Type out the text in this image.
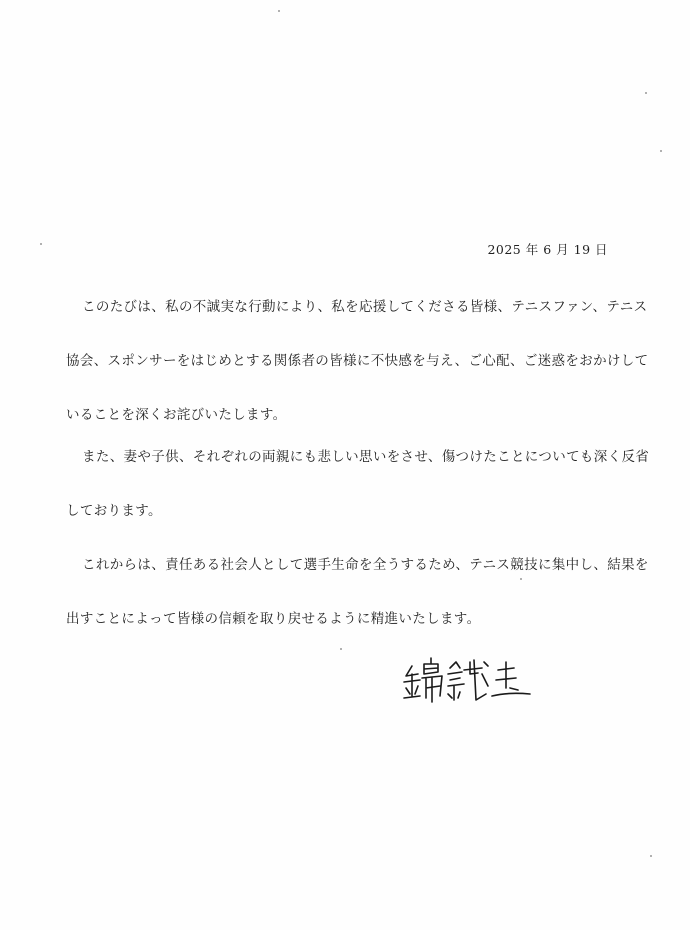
2025 年 6 月 19 日
このたびは、私の不誠実な行動により、私を応援してくださる皆様、テニスファン、テニス
協会、スポンサーをはじめとする関係者の皆様に不快感を与え、ご心配、ご迷惑をおかけして
いることを深くお詫びいたします。
また、妻や子供、それぞれの両親にも悲しい思いをさせ、傷つけたことについても深く反省
しております。
これからは、責任ある社会人として選手生命を全うするため、テニス競技に集中し、結果を
出すことによって皆様の信頼を取り戻せるように精進いたします。
